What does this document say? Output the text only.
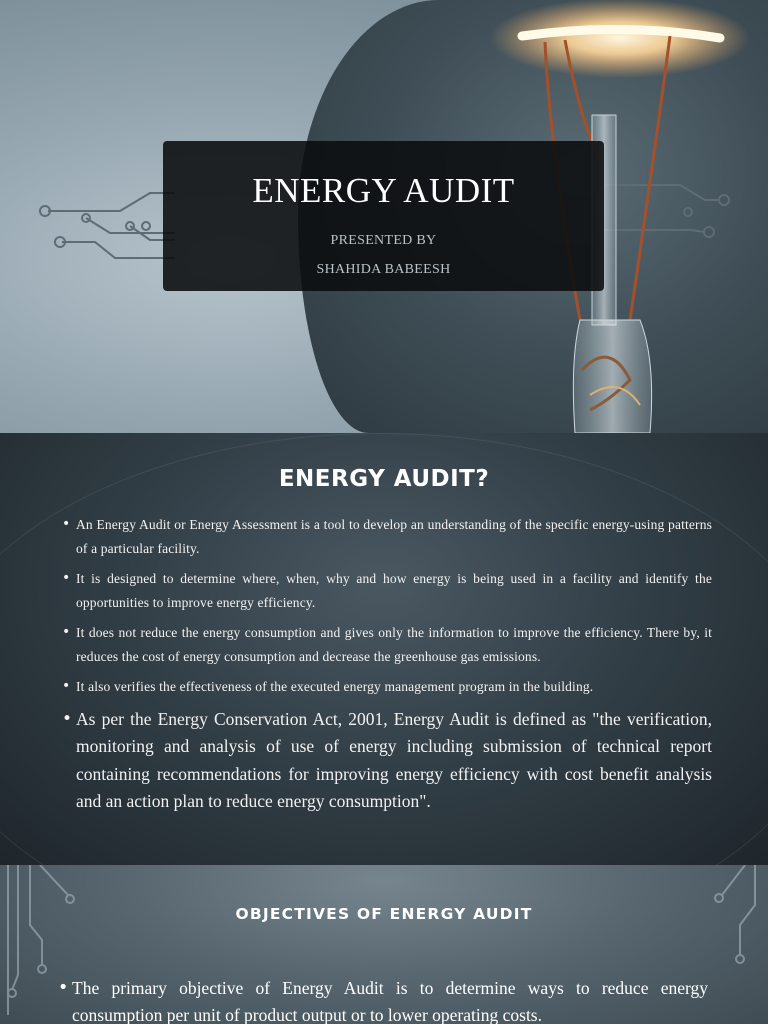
ENERGY AUDIT
PRESENTED BY
SHAHIDA BABEESH
ENERGY AUDIT?
• An Energy Audit or Energy Assessment is a tool to develop an understanding of the specific energy-using patterns of a particular facility.
• It is designed to determine where, when, why and how energy is being used in a facility and identify the opportunities to improve energy efficiency.
• It does not reduce the energy consumption and gives only the information to improve the efficiency. There by, it reduces the cost of energy consumption and decrease the greenhouse gas emissions.
• It also verifies the effectiveness of the executed energy management program in the building.
• As per the Energy Conservation Act, 2001, Energy Audit is defined as "the verification, monitoring and analysis of use of energy including submission of technical report containing recommendations for improving energy efficiency with cost benefit analysis and an action plan to reduce energy consumption".
OBJECTIVES OF ENERGY AUDIT
• The primary objective of Energy Audit is to determine ways to reduce energy consumption per unit of product output or to lower operating costs.
